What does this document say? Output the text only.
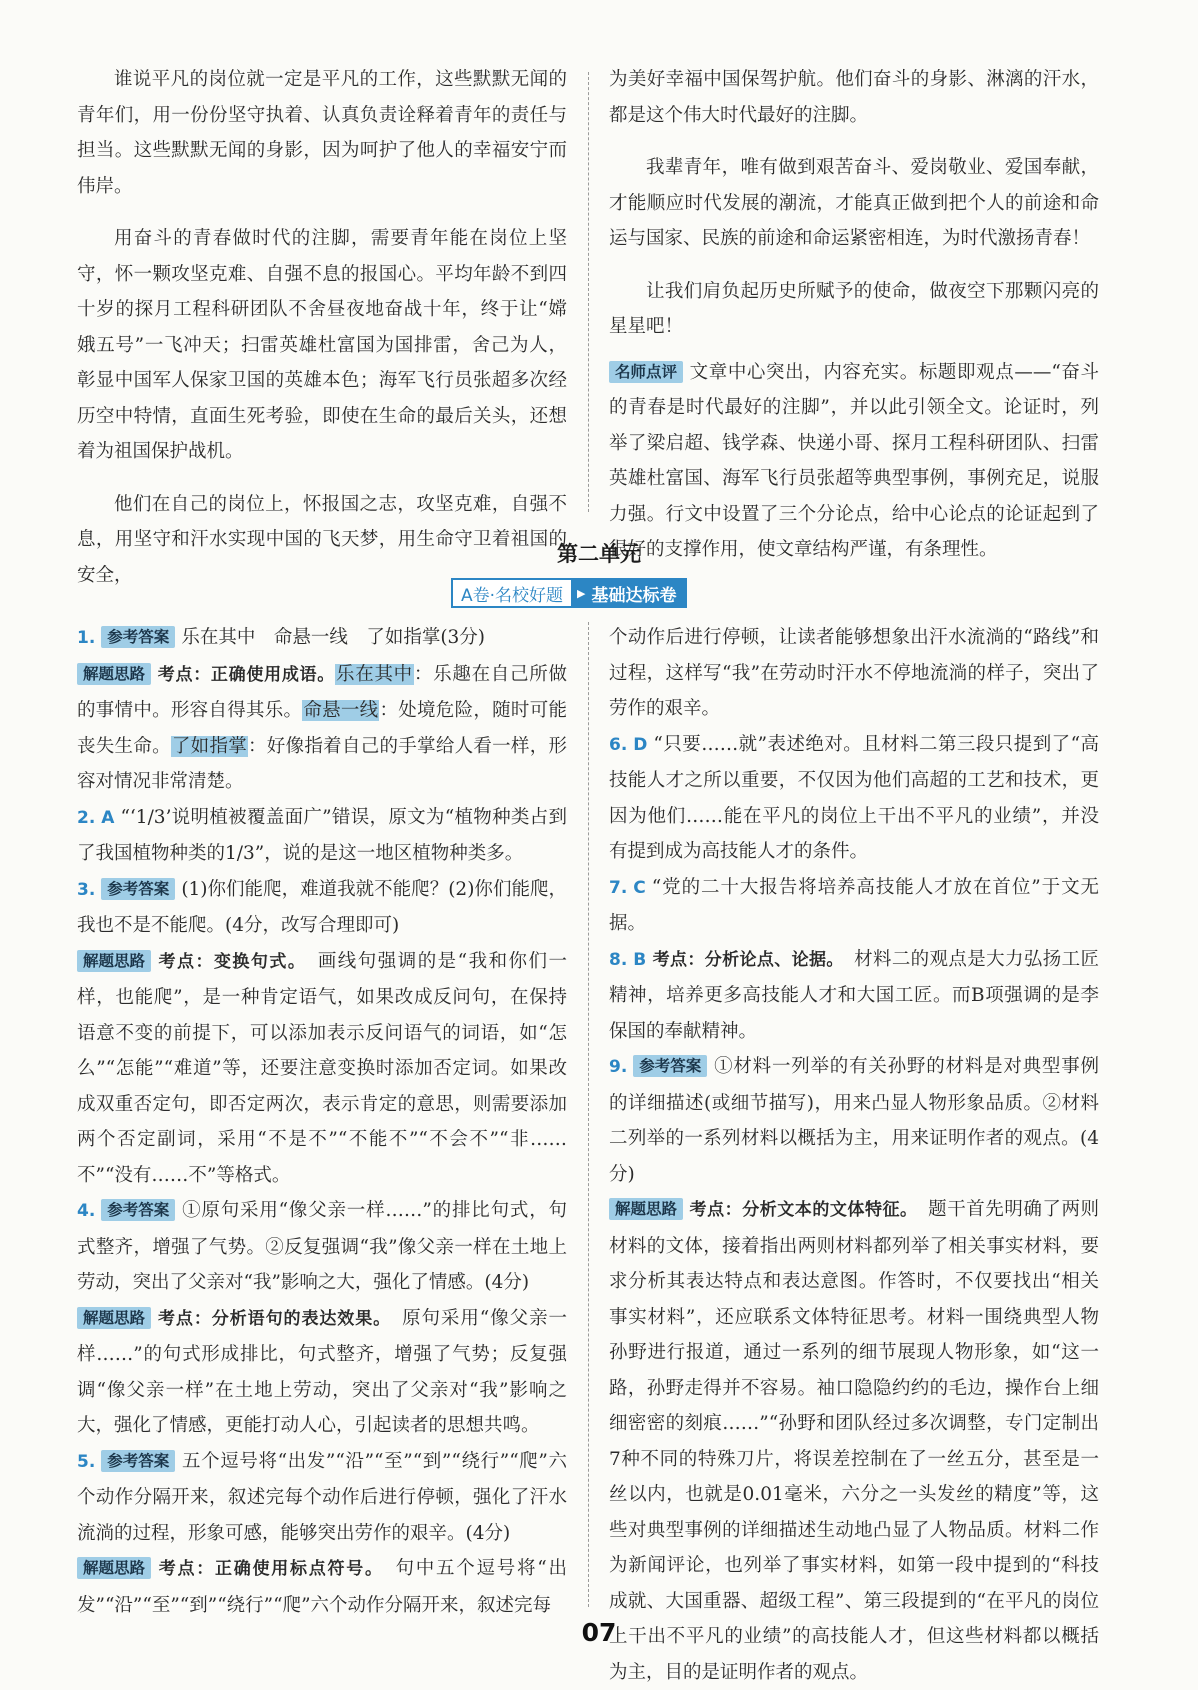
谁说平凡的岗位就一定是平凡的工作，这些默默无闻的青年们，用一份份坚守执着、认真负责诠释着青年的责任与担当。这些默默无闻的身影，因为呵护了他人的幸福安宁而伟岸。

用奋斗的青春做时代的注脚，需要青年能在岗位上坚守，怀一颗攻坚克难、自强不息的报国心。平均年龄不到四十岁的探月工程科研团队不舍昼夜地奋战十年，终于让“嫦娥五号”一飞冲天；扫雷英雄杜富国为国排雷，舍己为人，彰显中国军人保家卫国的英雄本色；海军飞行员张超多次经历空中特情，直面生死考验，即使在生命的最后关头，还想着为祖国保护战机。

他们在自己的岗位上，怀报国之志，攻坚克难，自强不息，用坚守和汗水实现中国的飞天梦，用生命守卫着祖国的安全，

为美好幸福中国保驾护航。他们奋斗的身影、淋漓的汗水，都是这个伟大时代最好的注脚。

我辈青年，唯有做到艰苦奋斗、爱岗敬业、爱国奉献，才能顺应时代发展的潮流，才能真正做到把个人的前途和命运与国家、民族的前途和命运紧密相连，为时代激扬青春！

让我们肩负起历史所赋予的使命，做夜空下那颗闪亮的星星吧！

名师点评 文章中心突出，内容充实。标题即观点——“奋斗的青春是时代最好的注脚”，并以此引领全文。论证时，列举了梁启超、钱学森、快递小哥、探月工程科研团队、扫雷英雄杜富国、海军飞行员张超等典型事例，事例充足，说服力强。行文中设置了三个分论点，给中心论点的论证起到了很好的支撑作用，使文章结构严谨，有条理性。

第二单元
A卷·名校好题	▶ 基础达标卷

1. 参考答案 乐在其中　命悬一线　了如指掌(3分)

解题思路 考点：正确使用成语。乐在其中：乐趣在自己所做的事情中。形容自得其乐。命悬一线：处境危险，随时可能丧失生命。了如指掌：好像指着自己的手掌给人看一样，形容对情况非常清楚。

2. A “‘1/3’说明植被覆盖面广”错误，原文为“植物种类占到了我国植物种类的1/3”，说的是这一地区植物种类多。

3. 参考答案 (1)你们能爬，难道我就不能爬？(2)你们能爬，我也不是不能爬。(4分，改写合理即可)

解题思路 考点：变换句式。　 画线句强调的是“我和你们一样，也能爬”，是一种肯定语气，如果改成反问句，在保持语意不变的前提下，可以添加表示反问语气的词语，如“怎么”“怎能”“难道”等，还要注意变换时添加否定词。如果改成双重否定句，即否定两次，表示肯定的意思，则需要添加两个否定副词，采用“不是不”“不能不”“不会不”“非……不”“没有……不”等格式。

4. 参考答案 ①原句采用“像父亲一样……”的排比句式，句式整齐，增强了气势。②反复强调“我”像父亲一样在土地上劳动，突出了父亲对“我”影响之大，强化了情感。(4分)

解题思路 考点：分析语句的表达效果。　 原句采用“像父亲一样……”的句式形成排比，句式整齐，增强了气势；反复强调“像父亲一样”在土地上劳动，突出了父亲对“我”影响之大，强化了情感，更能打动人心，引起读者的思想共鸣。

5. 参考答案 五个逗号将“出发”“沿”“至”“到”“绕行”“爬”六个动作分隔开来，叙述完每个动作后进行停顿，强化了汗水流淌的过程，形象可感，能够突出劳作的艰辛。(4分)

解题思路 考点：正确使用标点符号。　 句中五个逗号将“出发”“沿”“至”“到”“绕行”“爬”六个动作分隔开来，叙述完每

个动作后进行停顿，让读者能够想象出汗水流淌的“路线”和过程，这样写“我”在劳动时汗水不停地流淌的样子，突出了劳作的艰辛。

6. D “只要……就”表述绝对。且材料二第三段只提到了“高技能人才之所以重要，不仅因为他们高超的工艺和技术，更因为他们……能在平凡的岗位上干出不平凡的业绩”，并没有提到成为高技能人才的条件。

7. C “党的二十大报告将培养高技能人才放在首位”于文无据。

8. B 考点：分析论点、论据。　 材料二的观点是大力弘扬工匠精神，培养更多高技能人才和大国工匠。而B项强调的是李保国的奉献精神。

9. 参考答案 ①材料一列举的有关孙野的材料是对典型事例的详细描述(或细节描写)，用来凸显人物形象品质。②材料二列举的一系列材料以概括为主，用来证明作者的观点。(4分)

解题思路 考点：分析文本的文体特征。　 题干首先明确了两则材料的文体，接着指出两则材料都列举了相关事实材料，要求分析其表达特点和表达意图。作答时，不仅要找出“相关事实材料”，还应联系文体特征思考。材料一围绕典型人物孙野进行报道，通过一系列的细节展现人物形象，如“这一路，孙野走得并不容易。袖口隐隐约约的毛边，操作台上细细密密的刻痕……”“孙野和团队经过多次调整，专门定制出7种不同的特殊刀片，将误差控制在了一丝五分，甚至是一丝以内，也就是0.01毫米，六分之一头发丝的精度”等，这些对典型事例的详细描述生动地凸显了人物品质。材料二作为新闻评论，也列举了事实材料，如第一段中提到的“科技成就、大国重器、超级工程”、第三段提到的“在平凡的岗位上干出不平凡的业绩”的高技能人才，但这些材料都以概括为主，目的是证明作者的观点。

07
